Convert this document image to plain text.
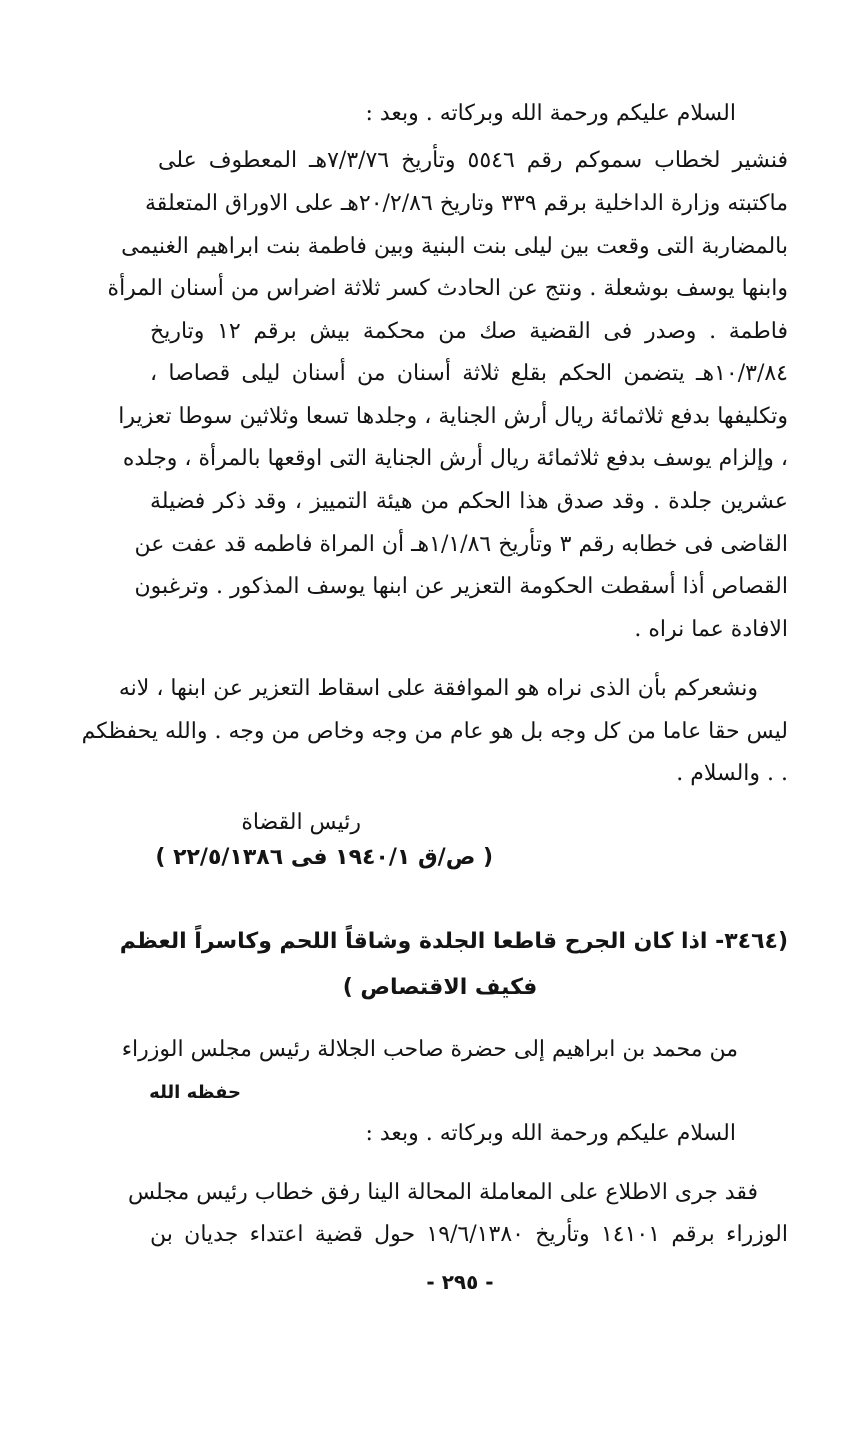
السلام عليكم ورحمة الله وبركاته . وبعد :
فنشير لخطاب سموكم رقم ٥٥٤٦ وتأريخ ٧/٣/٧٦هـ المعطوف على
ماكتبته وزارة الداخلية برقم ٣٣٩ وتاريخ ٢٠/٢/٨٦هـ على الاوراق المتعلقة
بالمضاربة التى وقعت بين ليلى بنت البنية وبين فاطمة بنت ابراهيم الغنيمى
وابنها يوسف بوشعلة . ونتج عن الحادث كسر ثلاثة اضراس من أسنان المرأة
فاطمة . وصدر فى القضية صك من محكمة بيش برقم ١٢ وتاريخ
١٠/٣/٨٤هـ يتضمن الحكم بقلع ثلاثة أسنان من أسنان ليلى قصاصا ،
وتكليفها بدفع ثلاثمائة ريال أرش الجناية ، وجلدها تسعا وثلاثين سوطا تعزيرا
، وإلزام يوسف بدفع ثلاثمائة ريال أرش الجناية التى اوقعها بالمرأة ، وجلده
عشرين جلدة . وقد صدق هذا الحكم من هيئة التمييز ، وقد ذكر فضيلة
القاضى فى خطابه رقم ٣ وتأريخ ١/١/٨٦هـ أن المراة فاطمه قد عفت عن
القصاص أذا أسقطت الحكومة التعزير عن ابنها يوسف المذكور . وترغبون
الافادة عما نراه .
ونشعركم بأن الذى نراه هو الموافقة على اسقاط التعزير عن ابنها ، لانه
ليس حقا عاما من كل وجه بل هو عام من وجه وخاص من وجه . والله يحفظكم
. . والسلام .
رئيس القضاة
( ص/ق ١٩٤٠/١ فى ٢٢/٥/١٣٨٦ )
(٣٤٦٤- اذا كان الجرح قاطعا الجلدة وشاقاً اللحم وكاسراً العظم
فكيف الاقتصاص )
من محمد بن ابراهيم إلى حضرة صاحب الجلالة رئيس مجلس الوزراء
حفظه الله
السلام عليكم ورحمة الله وبركاته . وبعد :
فقد جرى الاطلاع على المعاملة المحالة الينا رفق خطاب رئيس مجلس
الوزراء برقم ١٤١٠١ وتأريخ ١٩/٦/١٣٨٠ حول قضية اعتداء جديان بن
- ٢٩٥ -
